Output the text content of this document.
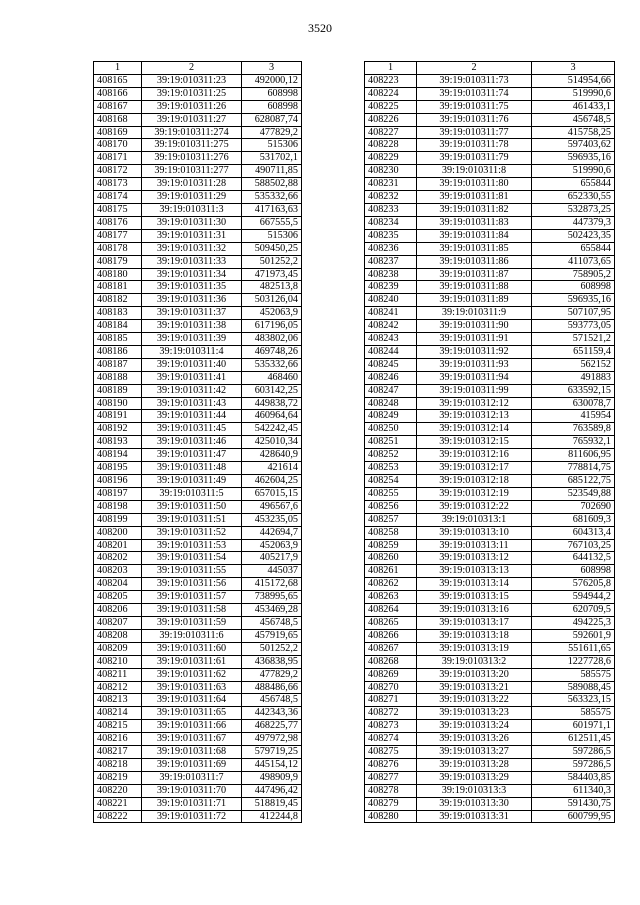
3520
1	2	3
408165	39:19:010311:23	492000,12
408166	39:19:010311:25	608998
408167	39:19:010311:26	608998
408168	39:19:010311:27	628087,74
408169	39:19:010311:274	477829,2
408170	39:19:010311:275	515306
408171	39:19:010311:276	531702,1
408172	39:19:010311:277	490711,85
408173	39:19:010311:28	588502,88
408174	39:19:010311:29	535332,66
408175	39:19:010311:3	417163,63
408176	39:19:010311:30	667555,5
408177	39:19:010311:31	515306
408178	39:19:010311:32	509450,25
408179	39:19:010311:33	501252,2
408180	39:19:010311:34	471973,45
408181	39:19:010311:35	482513,8
408182	39:19:010311:36	503126,04
408183	39:19:010311:37	452063,9
408184	39:19:010311:38	617196,05
408185	39:19:010311:39	483802,06
408186	39:19:010311:4	469748,26
408187	39:19:010311:40	535332,66
408188	39:19:010311:41	468460
408189	39:19:010311:42	603142,25
408190	39:19:010311:43	449838,72
408191	39:19:010311:44	460964,64
408192	39:19:010311:45	542242,45
408193	39:19:010311:46	425010,34
408194	39:19:010311:47	428640,9
408195	39:19:010311:48	421614
408196	39:19:010311:49	462604,25
408197	39:19:010311:5	657015,15
408198	39:19:010311:50	496567,6
408199	39:19:010311:51	453235,05
408200	39:19:010311:52	442694,7
408201	39:19:010311:53	452063,9
408202	39:19:010311:54	405217,9
408203	39:19:010311:55	445037
408204	39:19:010311:56	415172,68
408205	39:19:010311:57	738995,65
408206	39:19:010311:58	453469,28
408207	39:19:010311:59	456748,5
408208	39:19:010311:6	457919,65
408209	39:19:010311:60	501252,2
408210	39:19:010311:61	436838,95
408211	39:19:010311:62	477829,2
408212	39:19:010311:63	488486,66
408213	39:19:010311:64	456748,5
408214	39:19:010311:65	442343,36
408215	39:19:010311:66	468225,77
408216	39:19:010311:67	497972,98
408217	39:19:010311:68	579719,25
408218	39:19:010311:69	445154,12
408219	39:19:010311:7	498909,9
408220	39:19:010311:70	447496,42
408221	39:19:010311:71	518819,45
408222	39:19:010311:72	412244,8
1	2	3
408223	39:19:010311:73	514954,66
408224	39:19:010311:74	519990,6
408225	39:19:010311:75	461433,1
408226	39:19:010311:76	456748,5
408227	39:19:010311:77	415758,25
408228	39:19:010311:78	597403,62
408229	39:19:010311:79	596935,16
408230	39:19:010311:8	519990,6
408231	39:19:010311:80	655844
408232	39:19:010311:81	652330,55
408233	39:19:010311:82	532873,25
408234	39:19:010311:83	447379,3
408235	39:19:010311:84	502423,35
408236	39:19:010311:85	655844
408237	39:19:010311:86	411073,65
408238	39:19:010311:87	758905,2
408239	39:19:010311:88	608998
408240	39:19:010311:89	596935,16
408241	39:19:010311:9	507107,95
408242	39:19:010311:90	593773,05
408243	39:19:010311:91	571521,2
408244	39:19:010311:92	651159,4
408245	39:19:010311:93	562152
408246	39:19:010311:94	491883
408247	39:19:010311:99	633592,15
408248	39:19:010312:12	630078,7
408249	39:19:010312:13	415954
408250	39:19:010312:14	763589,8
408251	39:19:010312:15	765932,1
408252	39:19:010312:16	811606,95
408253	39:19:010312:17	778814,75
408254	39:19:010312:18	685122,75
408255	39:19:010312:19	523549,88
408256	39:19:010312:22	702690
408257	39:19:010313:1	681609,3
408258	39:19:010313:10	604313,4
408259	39:19:010313:11	767103,25
408260	39:19:010313:12	644132,5
408261	39:19:010313:13	608998
408262	39:19:010313:14	576205,8
408263	39:19:010313:15	594944,2
408264	39:19:010313:16	620709,5
408265	39:19:010313:17	494225,3
408266	39:19:010313:18	592601,9
408267	39:19:010313:19	551611,65
408268	39:19:010313:2	1227728,6
408269	39:19:010313:20	585575
408270	39:19:010313:21	589088,45
408271	39:19:010313:22	563323,15
408272	39:19:010313:23	585575
408273	39:19:010313:24	601971,1
408274	39:19:010313:26	612511,45
408275	39:19:010313:27	597286,5
408276	39:19:010313:28	597286,5
408277	39:19:010313:29	584403,85
408278	39:19:010313:3	611340,3
408279	39:19:010313:30	591430,75
408280	39:19:010313:31	600799,95
